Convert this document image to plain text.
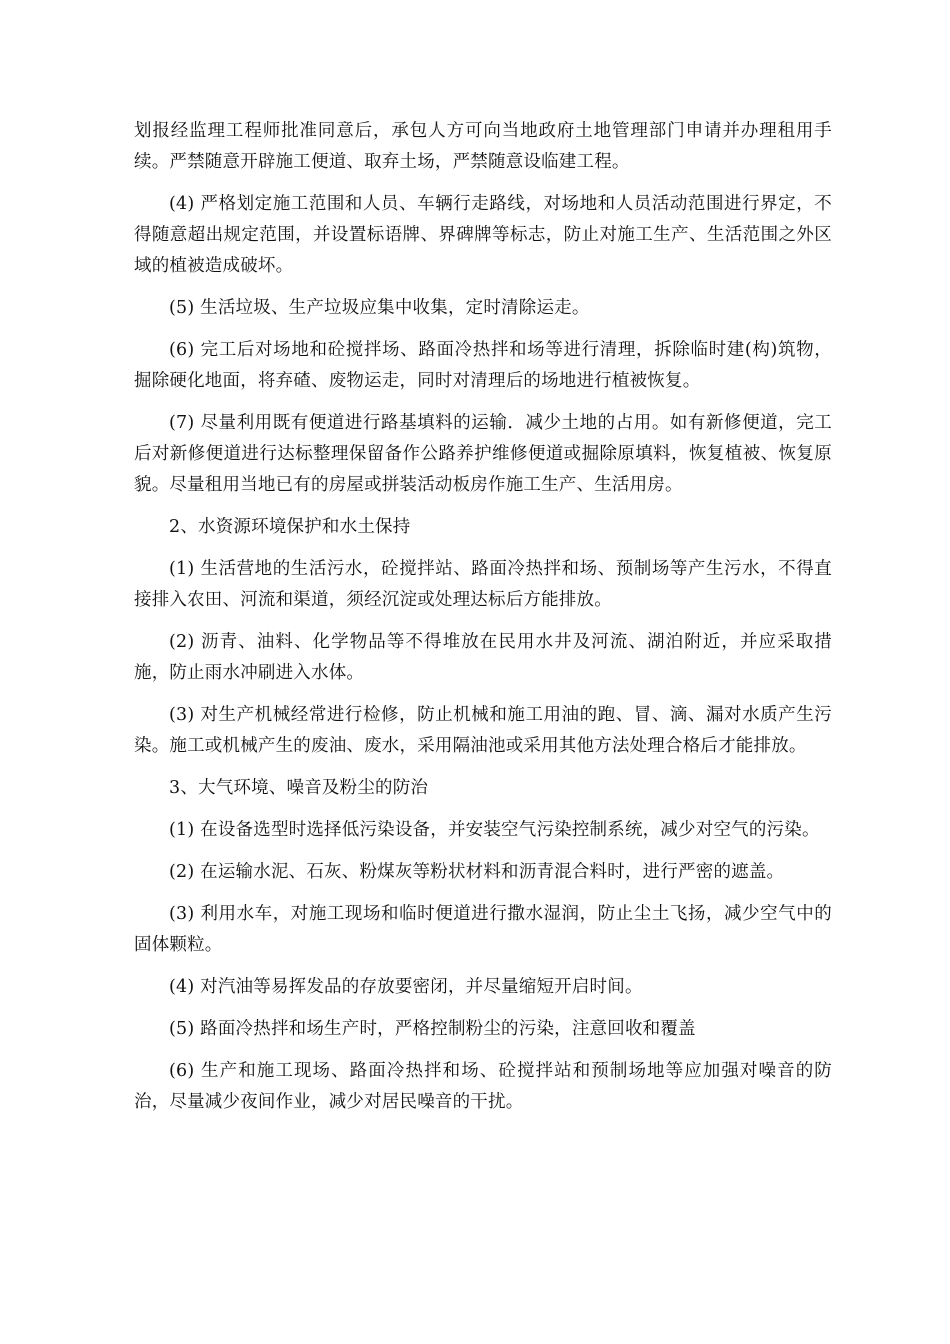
划报经监理工程师批准同意后，承包人方可向当地政府土地管理部门申请并办理租用手续。严禁随意开辟施工便道、取弃土场，严禁随意设临建工程。

(4) 严格划定施工范围和人员、车辆行走路线，对场地和人员活动范围进行界定，不得随意超出规定范围，并设置标语牌、界碑牌等标志，防止对施工生产、生活范围之外区域的植被造成破坏。

(5) 生活垃圾、生产垃圾应集中收集，定时清除运走。

(6) 完工后对场地和砼搅拌场、路面冷热拌和场等进行清理，拆除临时建(构)筑物，掘除硬化地面，将弃碴、废物运走，同时对清理后的场地进行植被恢复。

(7) 尽量利用既有便道进行路基填料的运输．减少土地的占用。如有新修便道，完工后对新修便道进行达标整理保留备作公路养护维修便道或掘除原填料，恢复植被、恢复原貌。尽量租用当地已有的房屋或拼装活动板房作施工生产、生活用房。

2、水资源环境保护和水土保持

(1) 生活营地的生活污水，砼搅拌站、路面冷热拌和场、预制场等产生污水，不得直接排入农田、河流和渠道，须经沉淀或处理达标后方能排放。

(2) 沥青、油料、化学物品等不得堆放在民用水井及河流、湖泊附近，并应采取措施，防止雨水冲刷进入水体。

(3) 对生产机械经常进行检修，防止机械和施工用油的跑、冒、滴、漏对水质产生污染。施工或机械产生的废油、废水，采用隔油池或采用其他方法处理合格后才能排放。

3、大气环境、噪音及粉尘的防治

(1) 在设备选型时选择低污染设备，并安装空气污染控制系统，减少对空气的污染。

(2) 在运输水泥、石灰、粉煤灰等粉状材料和沥青混合料时，进行严密的遮盖。

(3) 利用水车，对施工现场和临时便道进行撒水湿润，防止尘土飞扬，减少空气中的固体颗粒。

(4) 对汽油等易挥发品的存放要密闭，并尽量缩短开启时间。

(5) 路面冷热拌和场生产时，严格控制粉尘的污染，注意回收和覆盖

(6) 生产和施工现场、路面冷热拌和场、砼搅拌站和预制场地等应加强对噪音的防治，尽量减少夜间作业，减少对居民噪音的干扰。
